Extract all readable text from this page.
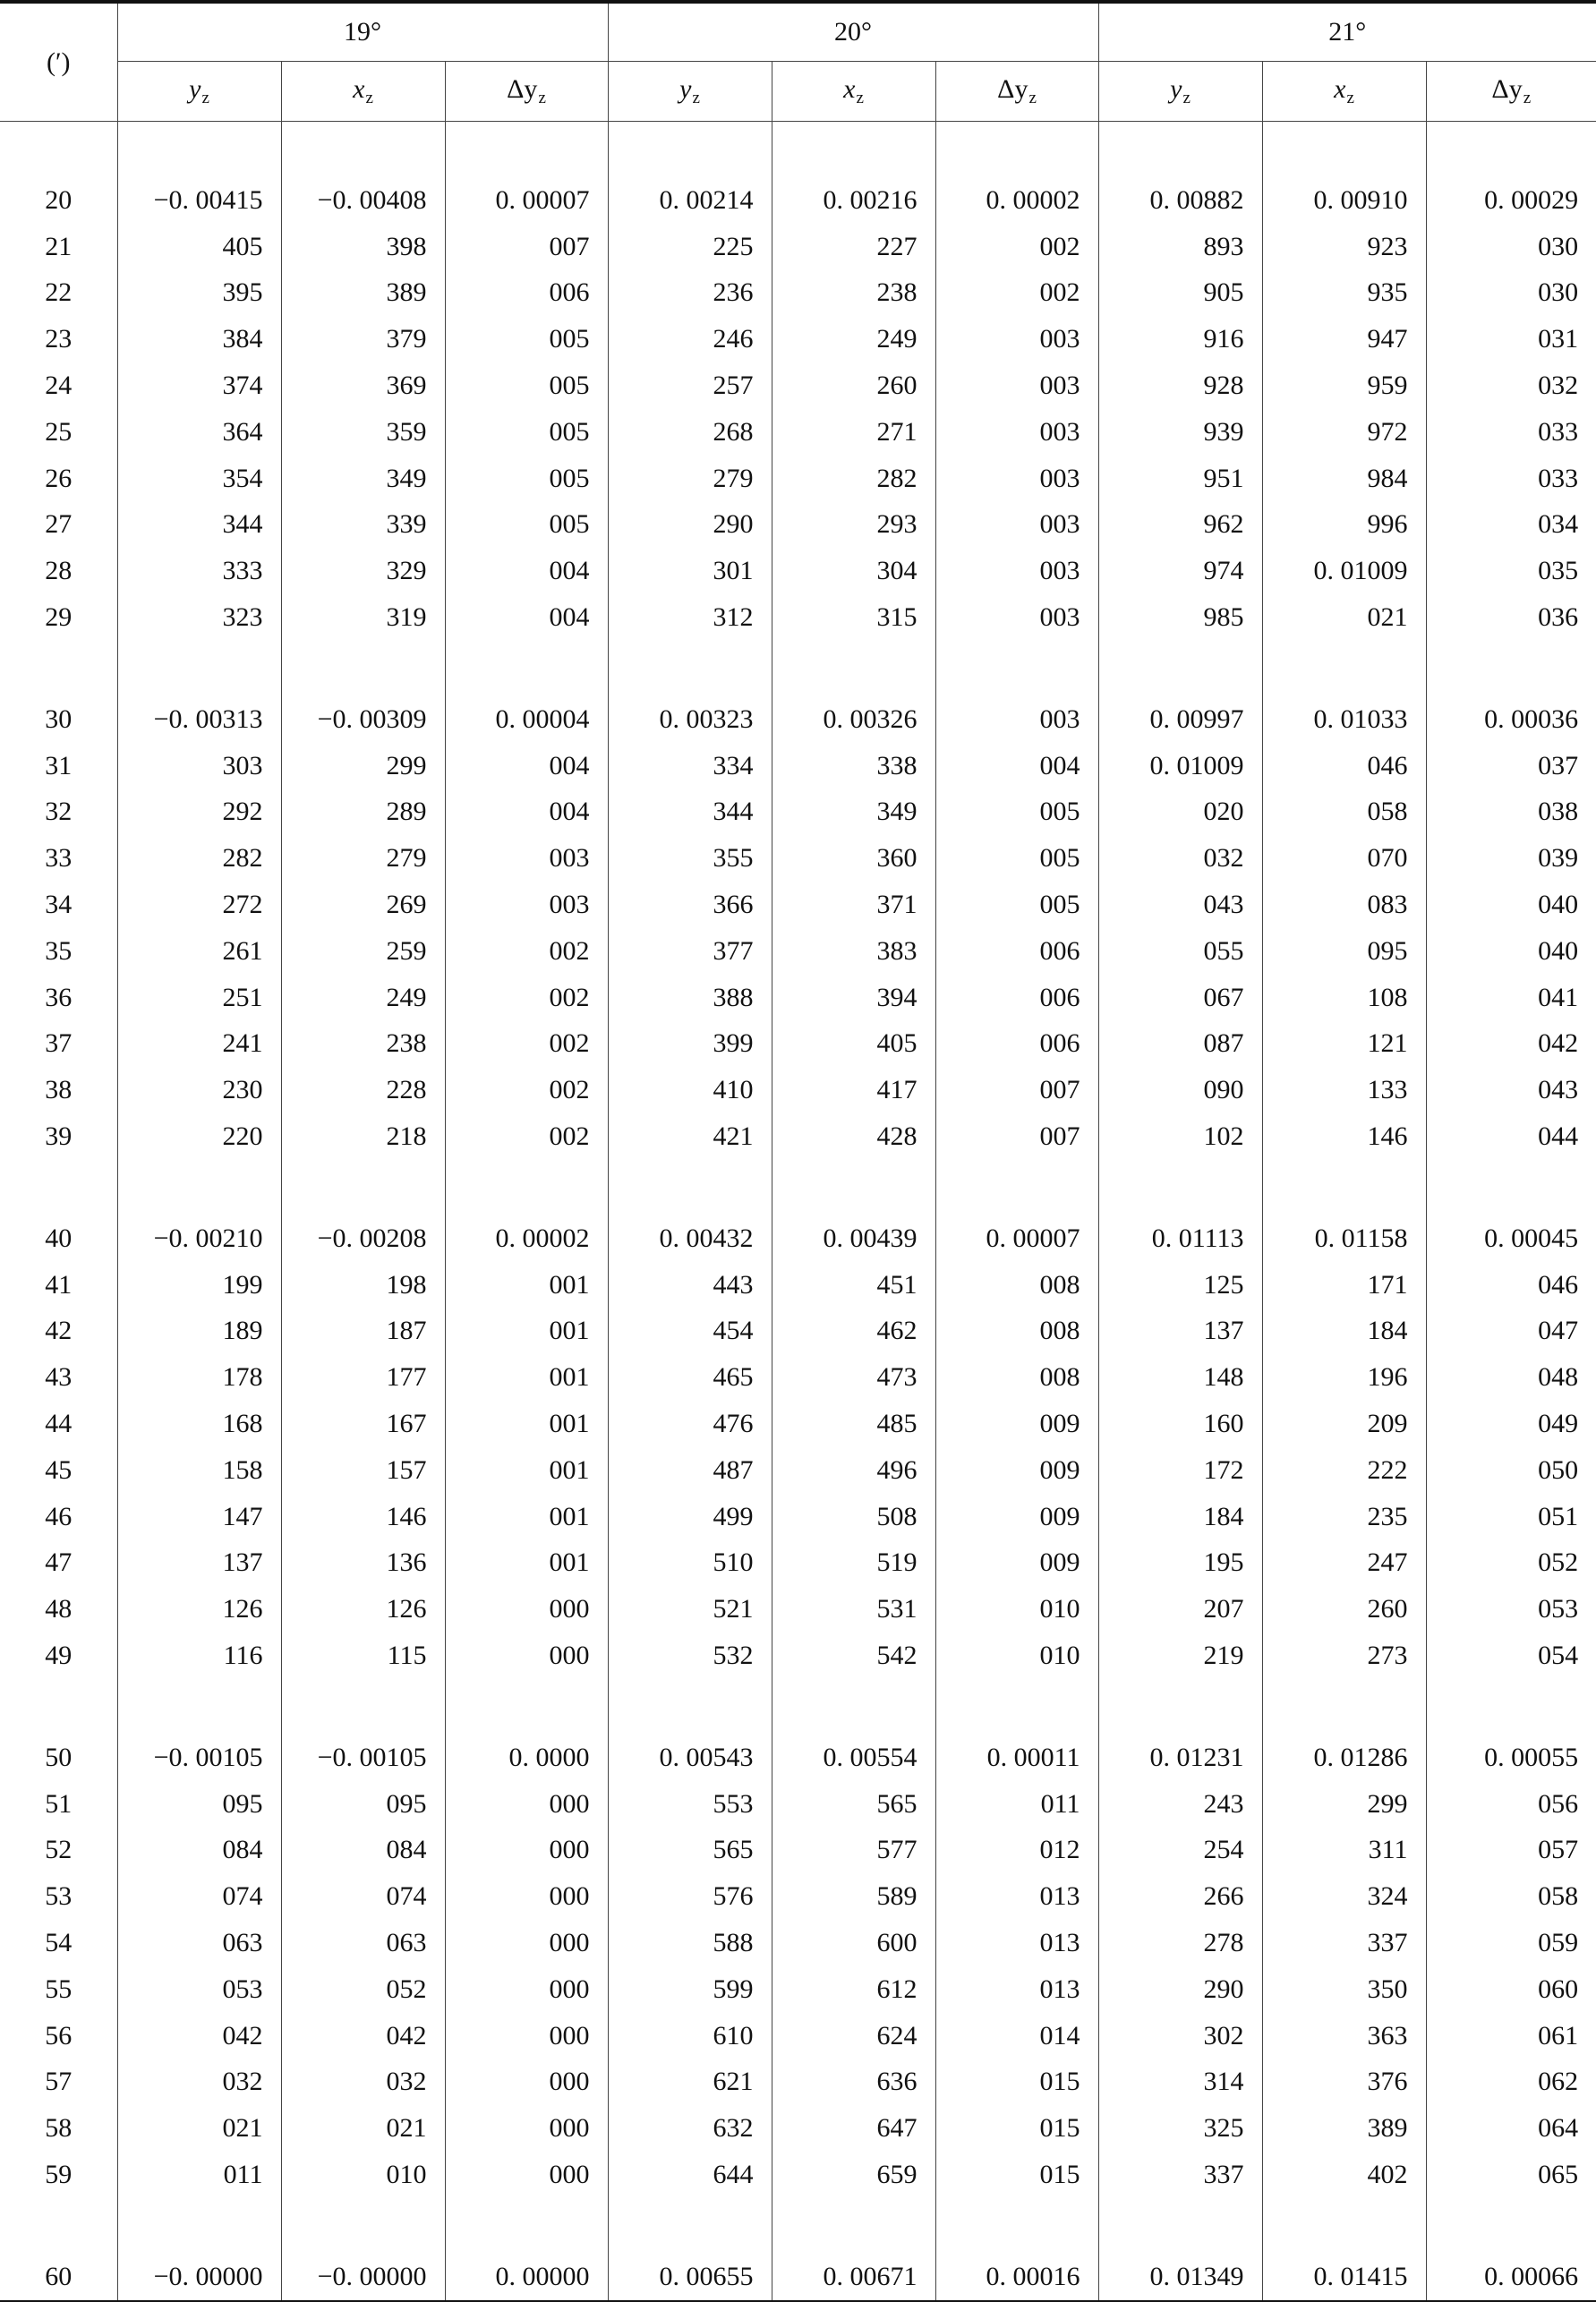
(′)	19°			20°			21°		
	$y_z$	$x_z$	$\Delta y_z$	$y_z$	$x_z$	$\Delta y_z$	$y_z$	$x_z$	$\Delta y_z$

20	−0. 00415	−0. 00408	0. 00007	0. 00214	0. 00216	0. 00002	0. 00882	0. 00910	0. 00029
21	405	398	007	225	227	002	893	923	030
22	395	389	006	236	238	002	905	935	030
23	384	379	005	246	249	003	916	947	031
24	374	369	005	257	260	003	928	959	032
25	364	359	005	268	271	003	939	972	033
26	354	349	005	279	282	003	951	984	033
27	344	339	005	290	293	003	962	996	034
28	333	329	004	301	304	003	974	0. 01009	035
29	323	319	004	312	315	003	985	021	036

30	−0. 00313	−0. 00309	0. 00004	0. 00323	0. 00326	003	0. 00997	0. 01033	0. 00036
31	303	299	004	334	338	004	0. 01009	046	037
32	292	289	004	344	349	005	020	058	038
33	282	279	003	355	360	005	032	070	039
34	272	269	003	366	371	005	043	083	040
35	261	259	002	377	383	006	055	095	040
36	251	249	002	388	394	006	067	108	041
37	241	238	002	399	405	006	087	121	042
38	230	228	002	410	417	007	090	133	043
39	220	218	002	421	428	007	102	146	044

40	−0. 00210	−0. 00208	0. 00002	0. 00432	0. 00439	0. 00007	0. 01113	0. 01158	0. 00045
41	199	198	001	443	451	008	125	171	046
42	189	187	001	454	462	008	137	184	047
43	178	177	001	465	473	008	148	196	048
44	168	167	001	476	485	009	160	209	049
45	158	157	001	487	496	009	172	222	050
46	147	146	001	499	508	009	184	235	051
47	137	136	001	510	519	009	195	247	052
48	126	126	000	521	531	010	207	260	053
49	116	115	000	532	542	010	219	273	054

50	−0. 00105	−0. 00105	0. 0000	0. 00543	0. 00554	0. 00011	0. 01231	0. 01286	0. 00055
51	095	095	000	553	565	011	243	299	056
52	084	084	000	565	577	012	254	311	057
53	074	074	000	576	589	013	266	324	058
54	063	063	000	588	600	013	278	337	059
55	053	052	000	599	612	013	290	350	060
56	042	042	000	610	624	014	302	363	061
57	032	032	000	621	636	015	314	376	062
58	021	021	000	632	647	015	325	389	064
59	011	010	000	644	659	015	337	402	065

60	−0. 00000	−0. 00000	0. 00000	0. 00655	0. 00671	0. 00016	0. 01349	0. 01415	0. 00066
